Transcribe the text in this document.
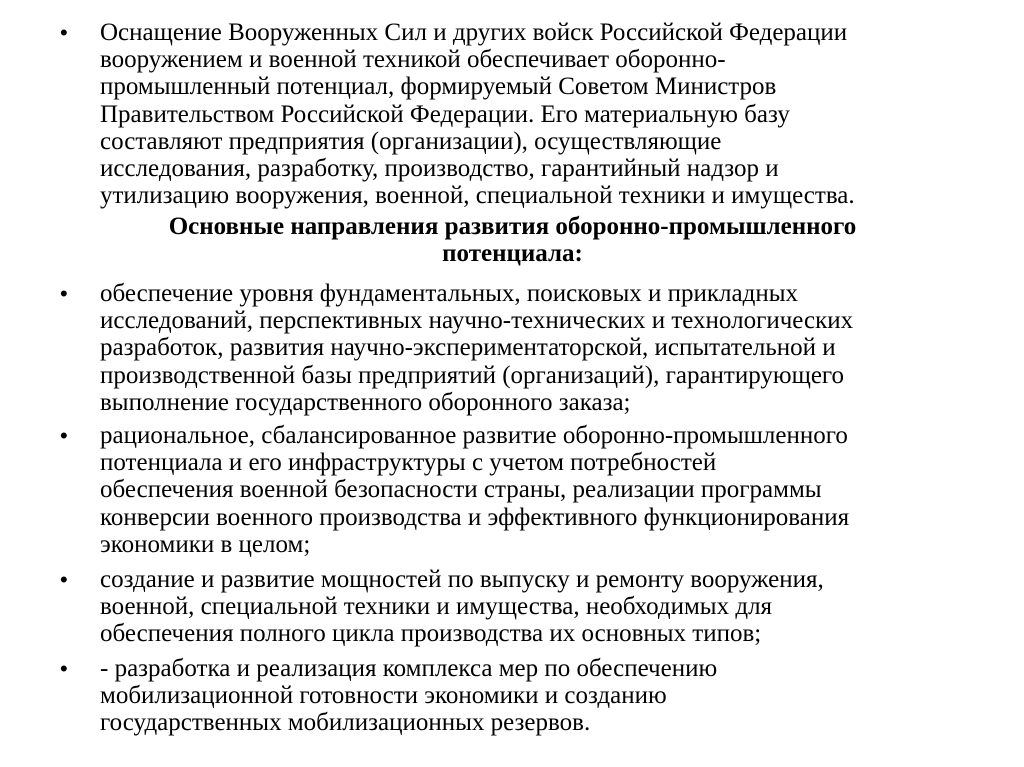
•	Оснащение Вооруженных Сил и других войск Российской Федерации
вооружением и военной техникой обеспечивает оборонно-
промышленный потенциал, формируемый Советом Министров
Правительством Российской Федерации. Его материальную базу
составляют предприятия (организации), осуществляющие
исследования, разработку, производство, гарантийный надзор и
утилизацию вооружения, военной, специальной техники и имущества.
Основные направления развития оборонно-промышленного
потенциала:
•	обеспечение уровня фундаментальных, поисковых и прикладных
исследований, перспективных научно-технических и технологических
разработок, развития научно-экспериментаторской, испытательной и
производственной базы предприятий (организаций), гарантирующего
выполнение государственного оборонного заказа;
•	рациональное, сбалансированное развитие оборонно-промышленного
потенциала и его инфраструктуры с учетом потребностей
обеспечения военной безопасности страны, реализации программы
конверсии военного производства и эффективного функционирования
экономики в целом;
•	создание и развитие мощностей по выпуску и ремонту вооружения,
военной, специальной техники и имущества, необходимых для
обеспечения полного цикла производства их основных типов;
•	- разработка и реализация комплекса мер по обеспечению
мобилизационной готовности экономики и созданию
государственных мобилизационных резервов.
